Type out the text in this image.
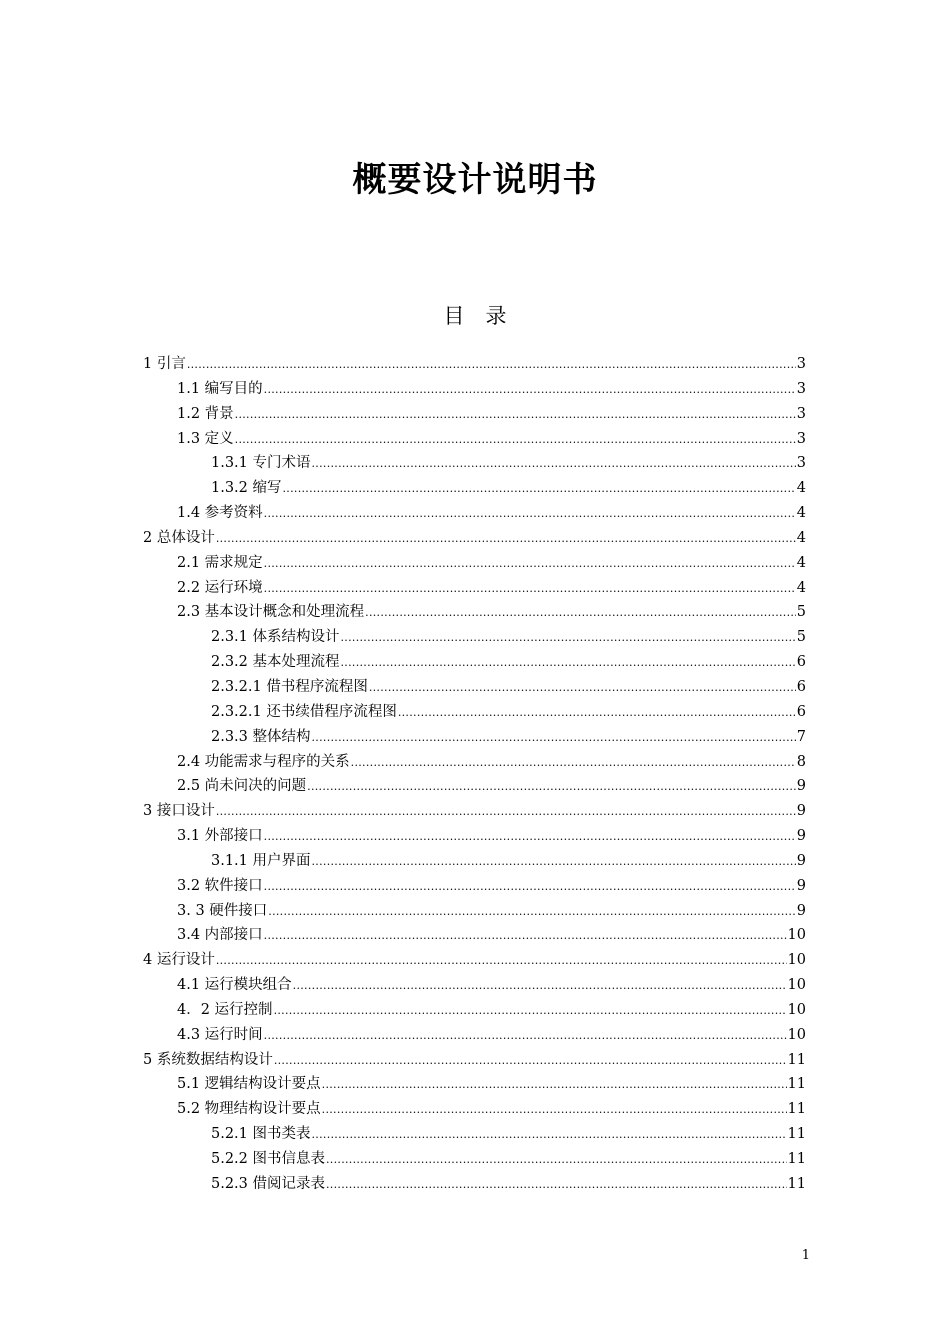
概要设计说明书
目　录
1 引言 .....	3
1.1 编写目的 .....	3
1.2 背景 .....	3
1.3 定义 .....	3
1.3.1 专门术语 .....	3
1.3.2 缩写 .....	4
1.4 参考资料 .....	4
2 总体设计 .....	4
2.1 需求规定 .....	4
2.2 运行环境 .....	4
2.3 基本设计概念和处理流程 .....	5
2.3.1 体系结构设计 .....	5
2.3.2 基本处理流程 .....	6
2.3.2.1 借书程序流程图 .....	6
2.3.2.1 还书续借程序流程图 .....	6
2.3.3 整体结构 .....	7
2.4 功能需求与程序的关系 .....	8
2.5 尚未问决的问题 .....	9
3 接口设计 .....	9
3.1 外部接口 .....	9
3.1.1 用户界面 .....	9
3.2 软件接口 .....	9
3. 3 硬件接口 .....	9
3.4 内部接口 .....	10
4 运行设计 .....	10
4.1 运行模块组合 .....	10
4．2 运行控制 .....	10
4.3 运行时间 .....	10
5 系统数据结构设计 .....	11
5.1 逻辑结构设计要点 .....	11
5.2 物理结构设计要点 .....	11
5.2.1 图书类表 .....	11
5.2.2 图书信息表 .....	11
5.2.3 借阅记录表 .....	11
1
